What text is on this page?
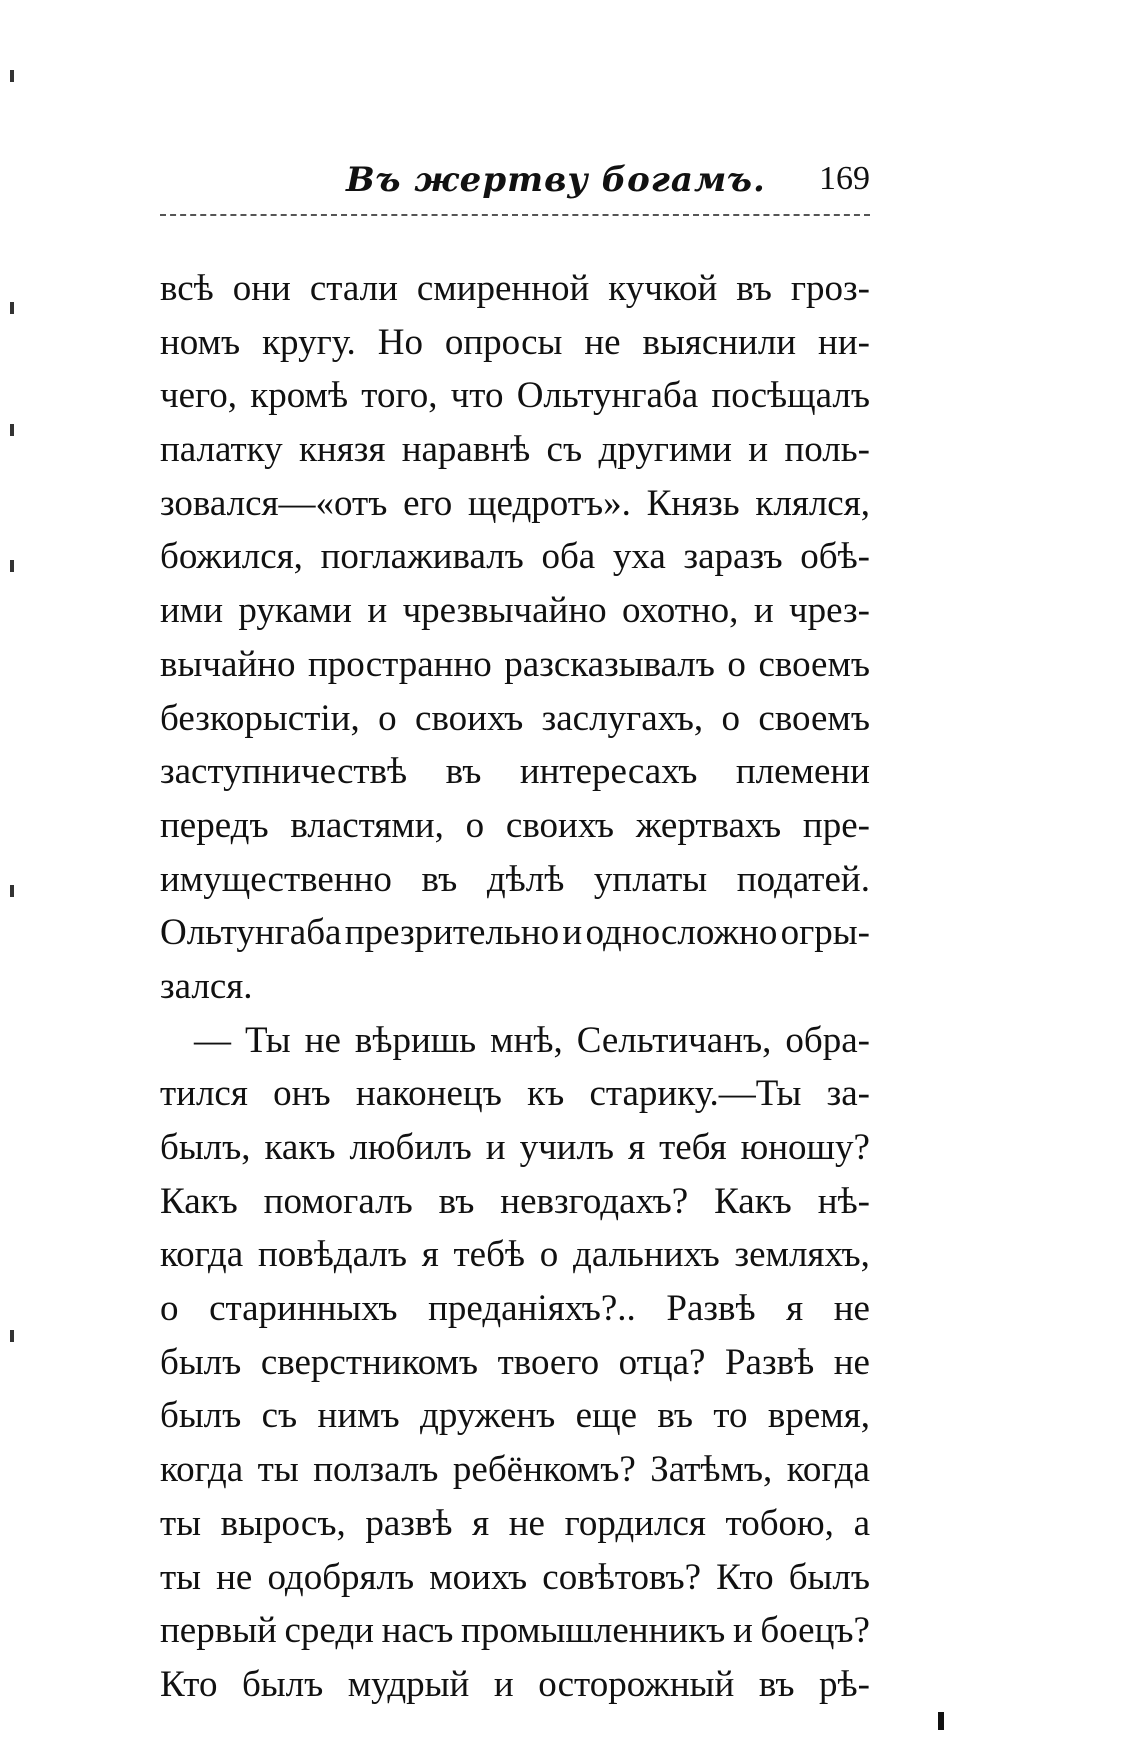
Въ жертву богамъ. 169
всѣ они стали смиренной кучкой въ гроз-
номъ кругу. Но опросы не выяснили ни-
чего, кромѣ того, что Ольтунгаба посѣщалъ
палатку князя наравнѣ съ другими и поль-
зовался—«отъ его щедротъ». Князь клялся,
божился, поглаживалъ оба уха заразъ обѣ-
ими руками и чрезвычайно охотно, и чрез-
вычайно пространно разсказывалъ о своемъ
безкорыстіи, о своихъ заслугахъ, о своемъ
заступничествѣ въ интересахъ племени
передъ властями, о своихъ жертвахъ пре-
имущественно въ дѣлѣ уплаты податей.
Ольтунгаба презрительно и односложно огры-
зался.
— Ты не вѣришь мнѣ, Сельтичанъ, обра-
тился онъ наконецъ къ старику.—Ты за-
былъ, какъ любилъ и училъ я тебя юношу?
Какъ помогалъ въ невзгодахъ? Какъ нѣ-
когда повѣдалъ я тебѣ о дальнихъ земляхъ,
о старинныхъ преданіяхъ?.. Развѣ я не
былъ сверстникомъ твоего отца? Развѣ не
былъ съ нимъ друженъ еще въ то время,
когда ты ползалъ ребёнкомъ? Затѣмъ, когда
ты выросъ, развѣ я не гордился тобою, а
ты не одобрялъ моихъ совѣтовъ? Кто былъ
первый среди насъ промышленникъ и боецъ?
Кто былъ мудрый и осторожный въ рѣ-
